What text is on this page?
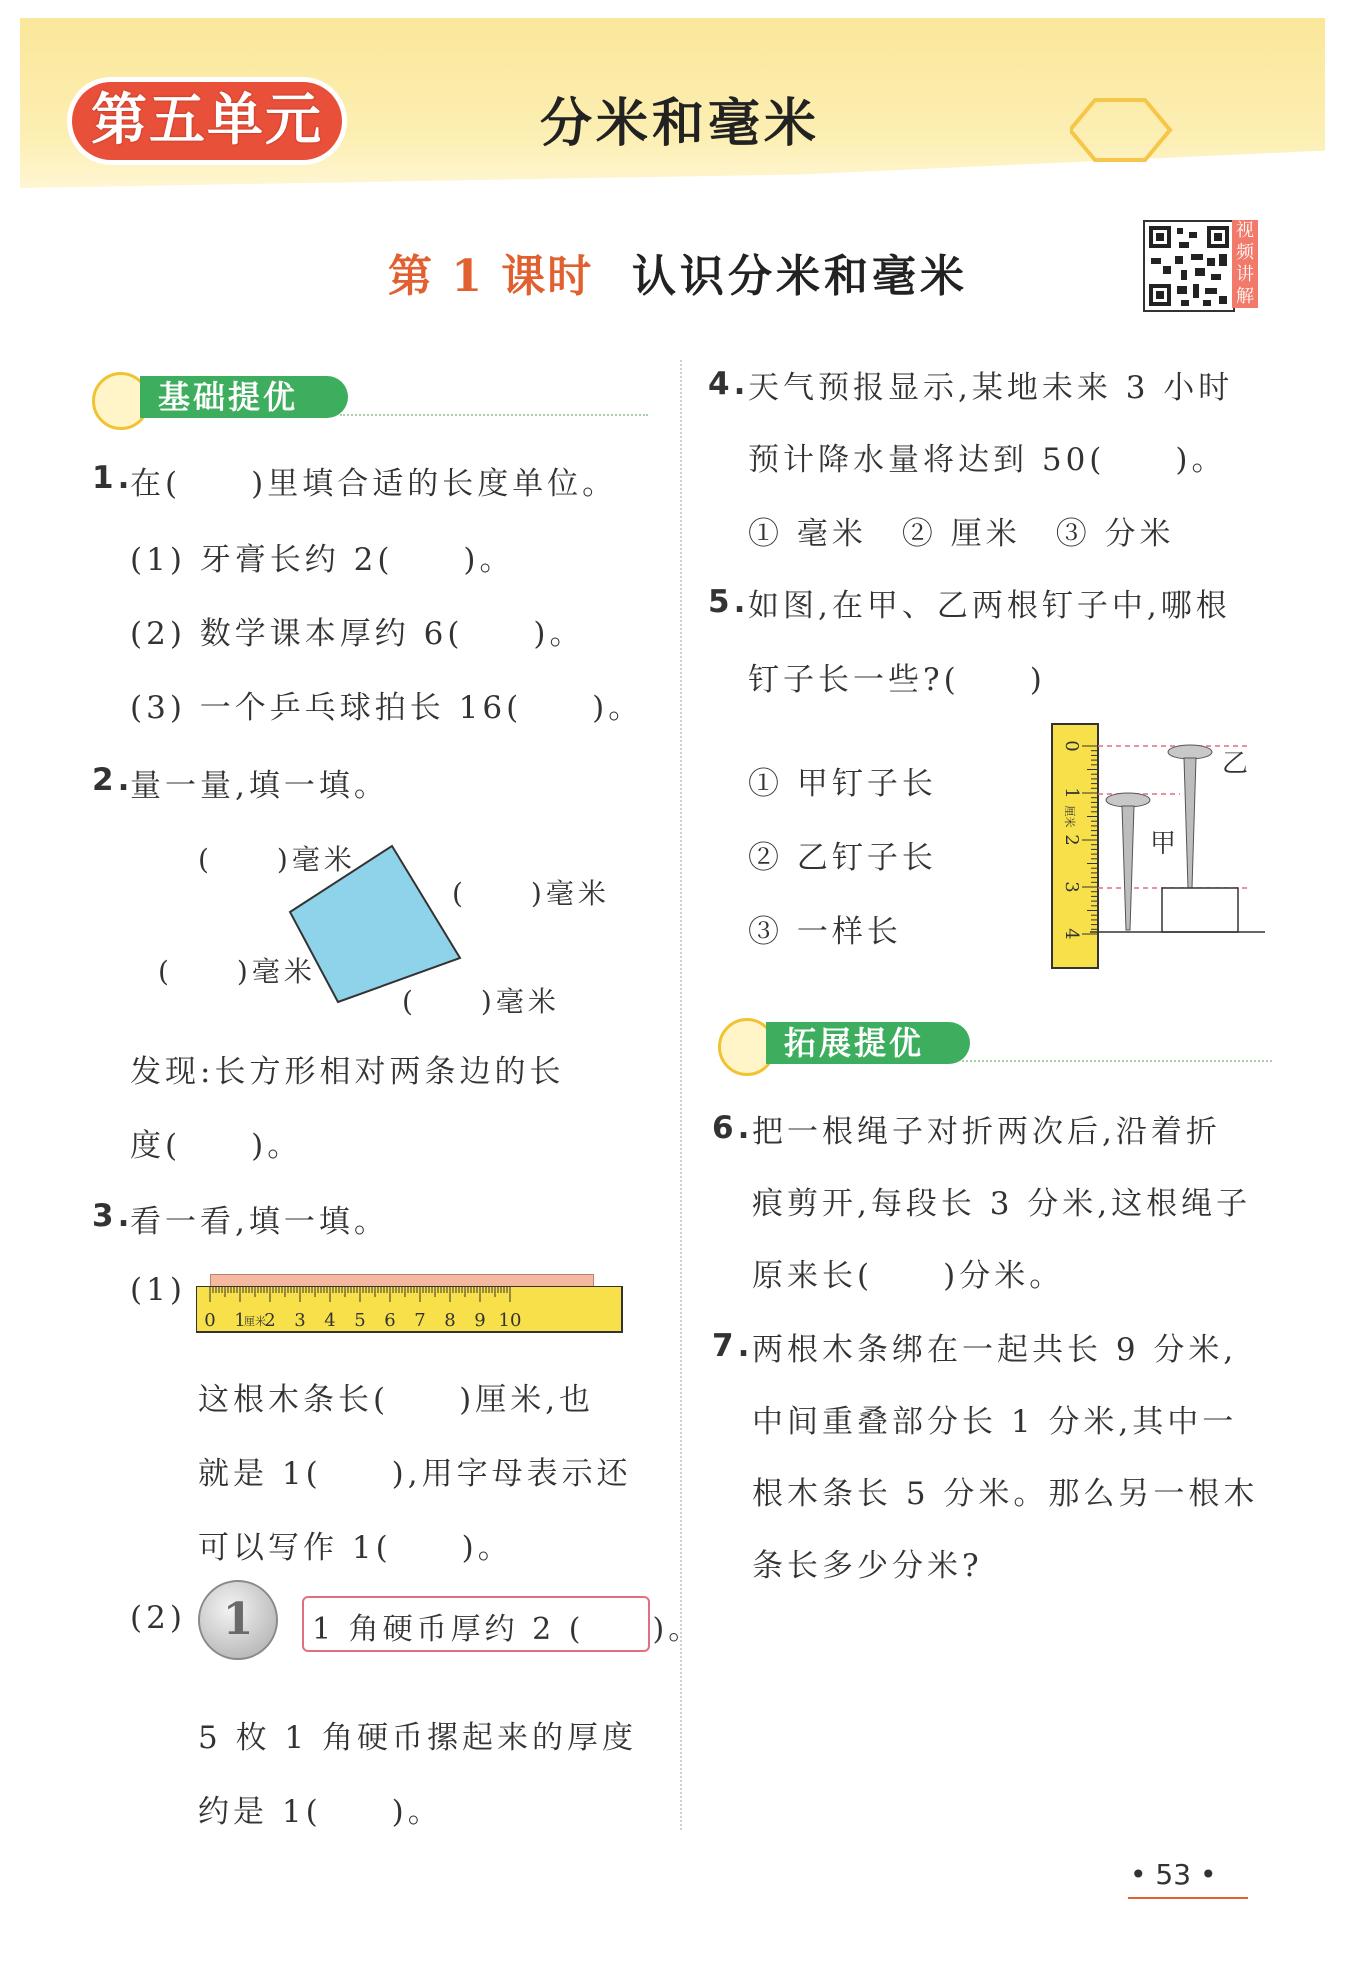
第五单元	分米和毫米
第 1 课时 认识分米和毫米
视频讲解
基础提优
1.
在(　　)里填合适的长度单位。
(1) 牙膏长约 2(　　)。
(2) 数学课本厚约 6(　　)。
(3) 一个乒乓球拍长 16(　　)。
2.
量一量,填一填。
(　　)毫米
(　　)毫米
(　　)毫米
(　　)毫米
发现:长方形相对两条边的长
度(　　)。
3.
看一看,填一填。
(1)
0 1 2 3 4 5 6 7 8 9 10
厘米
这根木条长(　　)厘米,也
就是 1(　　),用字母表示还
可以写作 1(　　)。
(2) 1	1 角硬币厚约 2 (　　)。
5 枚 1 角硬币摞起来的厚度
约是 1(　　)。
4.
天气预报显示,某地未来 3 小时
预计降水量将达到 50(　　)。
① 毫米　② 厘米　③ 分米
5.
如图,在甲、乙两根钉子中,哪根
钉子长一些?(　　)
① 甲钉子长
② 乙钉子长
③ 一样长
0
1
2
3
4
厘米
甲
乙
拓展提优
6.
把一根绳子对折两次后,沿着折
痕剪开,每段长 3 分米,这根绳子
原来长(　　)分米。
7.
两根木条绑在一起共长 9 分米,
中间重叠部分长 1 分米,其中一
根木条长 5 分米。那么另一根木
条长多少分米?
• 53 •
